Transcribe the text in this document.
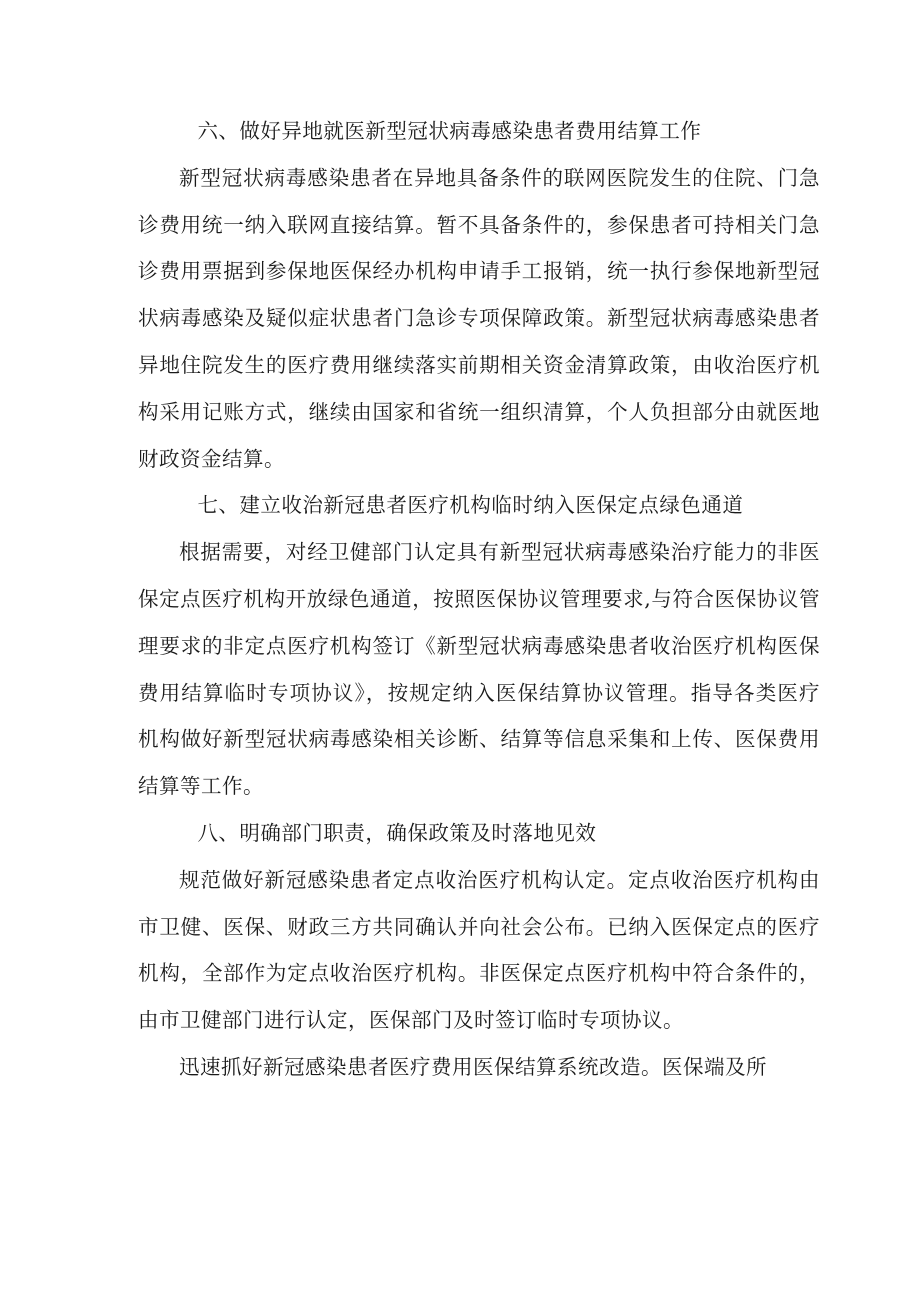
六、做好异地就医新型冠状病毒感染患者费用结算工作

新型冠状病毒感染患者在异地具备条件的联网医院发生的住院、门急诊费用统一纳入联网直接结算。暂不具备条件的，参保患者可持相关门急诊费用票据到参保地医保经办机构申请手工报销，统一执行参保地新型冠状病毒感染及疑似症状患者门急诊专项保障政策。新型冠状病毒感染患者异地住院发生的医疗费用继续落实前期相关资金清算政策，由收治医疗机构采用记账方式，继续由国家和省统一组织清算，个人负担部分由就医地财政资金结算。

七、建立收治新冠患者医疗机构临时纳入医保定点绿色通道

根据需要，对经卫健部门认定具有新型冠状病毒感染治疗能力的非医保定点医疗机构开放绿色通道，按照医保协议管理要求,与符合医保协议管理要求的非定点医疗机构签订《新型冠状病毒感染患者收治医疗机构医保费用结算临时专项协议》，按规定纳入医保结算协议管理。指导各类医疗机构做好新型冠状病毒感染相关诊断、结算等信息采集和上传、医保费用结算等工作。

八、明确部门职责，确保政策及时落地见效

规范做好新冠感染患者定点收治医疗机构认定。定点收治医疗机构由市卫健、医保、财政三方共同确认并向社会公布。已纳入医保定点的医疗机构，全部作为定点收治医疗机构。非医保定点医疗机构中符合条件的，由市卫健部门进行认定，医保部门及时签订临时专项协议。

迅速抓好新冠感染患者医疗费用医保结算系统改造。医保端及所
